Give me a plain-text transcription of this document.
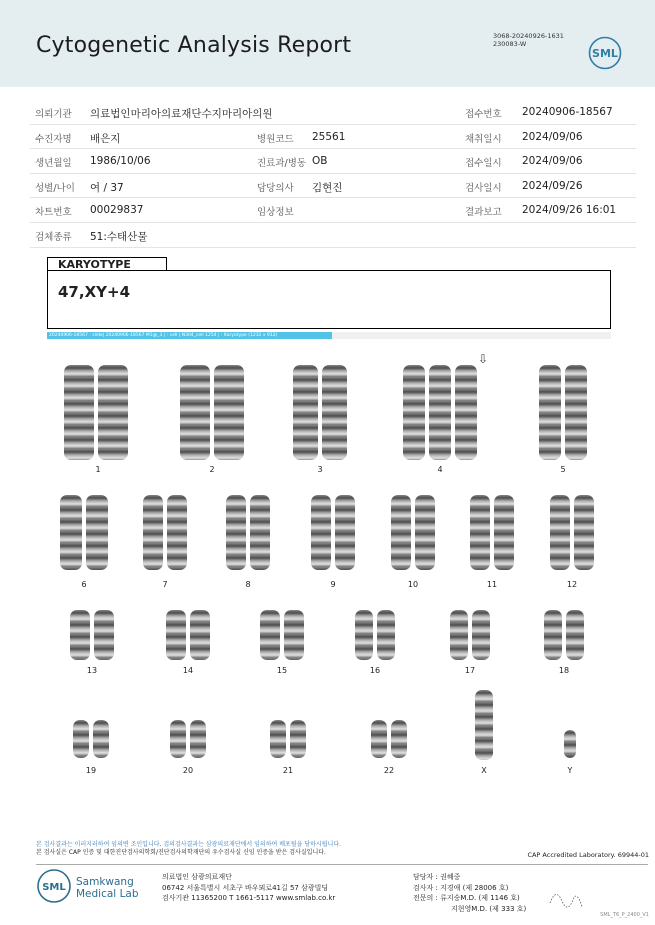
Cytogenetic Analysis Report	3068-20240926-1631
230083-W
SML
의뢰기관 의료법인마리아의료재단수지마리아의원	접수번호 20240906-18567
수진자명 배은지	병원코드 25561	채취일시 2024/09/06
생년월일 1986/10/06	진료과/병동 OB	접수일시 2024/09/06
성별/나이 여 / 37	담당의사 김현진	검사일시 2024/09/26
차트번호 00029837	임상정보	결과보고 2024/09/26 16:01
검체종류 51:수태산물
KARYOTYPE
47,XY+4
20240906-18567 : slide| 20240906-18567 M1@_3 | : cell | N304_cell 1254 | : Karyotype (1232 x 912)
⇩
본 검사결과는 이러지러하여 임의변 조인입니다, 검의검사결과는 삼광의료재단에서 임의하여 배포될을 당하시됩니다.
본 검사실은 CAP 인증 및 대한진단검사의학회/진단검사의학재단의 우수검사실 신임 인증을 받은 검사실입니다.	CAP Accredited Laboratory. 69944-01
SML Samkwang
Medical Lab
의료법인 삼광의료재단
06742 서울특별시 서초구 바우뫼로41길 57 삼광빌딩
검사기관 11365200 T 1661-5117 www.smlab.co.kr
담당자 : 권혜중
검사자 : 지경애 (제 28006 호)
전문의 : 류지숭M.D. (제 1146 호)
지현영M.D. (제 333 호)
SML_T6_P_2400_V1
1	2	3	4	5
6	7	8	9	10	11	12
13	14	15	16	17	18
19	20	21	22	X	Y
